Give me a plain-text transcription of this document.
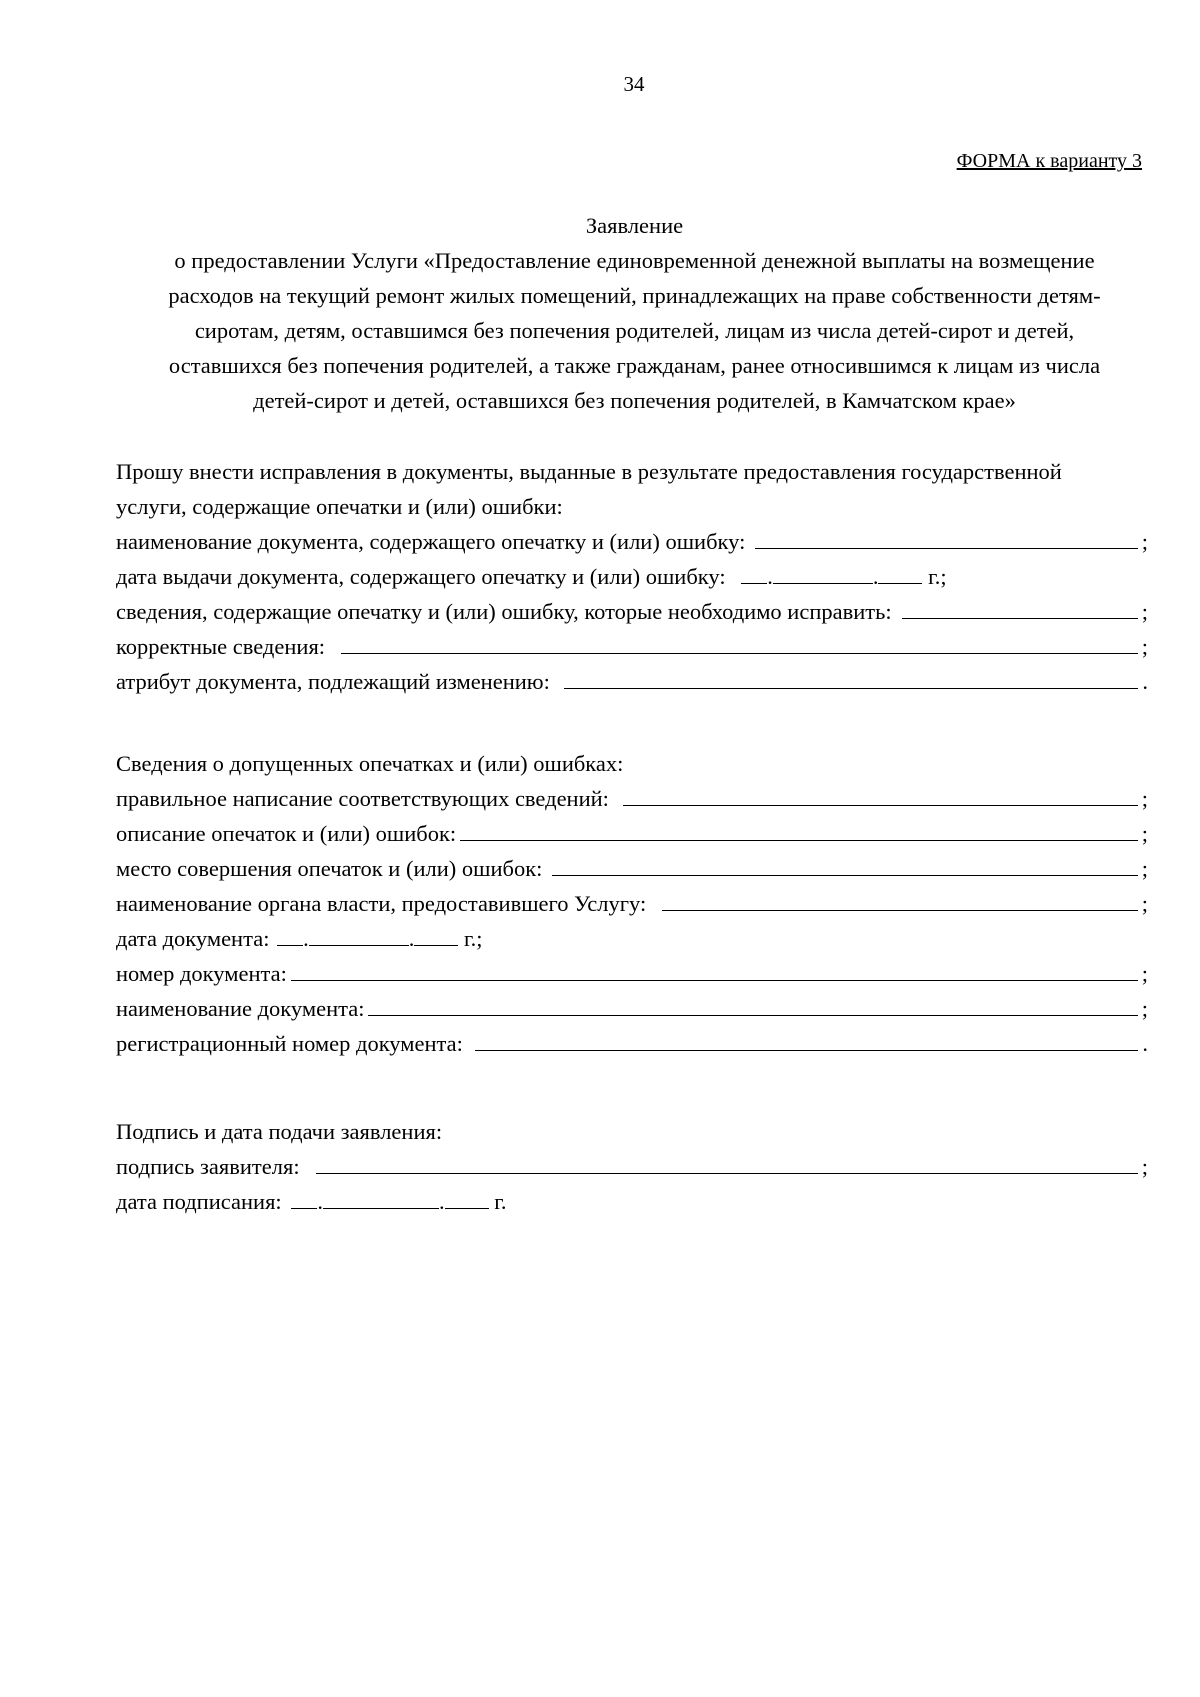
34
ФОРМА к варианту 3

Заявление

о предоставлении Услуги «Предоставление единовременной денежной выплаты на возмещение

расходов на текущий ремонт жилых помещений, принадлежащих на праве собственности детям-

сиротам, детям, оставшимся без попечения родителей, лицам из числа детей-сирот и детей,

оставшихся без попечения родителей, а также гражданам, ранее относившимся к лицам из числа

детей-сирот и детей, оставшихся без попечения родителей, в Камчатском крае»

Прошу внести исправления в документы, выданные в результате предоставления государственной
услуги, содержащие опечатки и (или) ошибки:
наименование документа, содержащего опечатку и (или) ошибку:	;
дата выдачи документа, содержащего опечатку и (или) ошибку: .	. г.;
сведения, содержащие опечатку и (или) ошибку, которые необходимо исправить:	;
корректные сведения:	;
атрибут документа, подлежащий изменению:	.
Сведения о допущенных опечатках и (или) ошибках:
правильное написание соответствующих сведений:	;
описание опечаток и (или) ошибок:	;
место совершения опечаток и (или) ошибок:	;
наименование органа власти, предоставившего Услугу:	;
дата документа: .	. г.;
номер документа:	;
наименование документа:	;
регистрационный номер документа:	.
Подпись и дата подачи заявления:
подпись заявителя:	;
дата подписания: .	. г.
